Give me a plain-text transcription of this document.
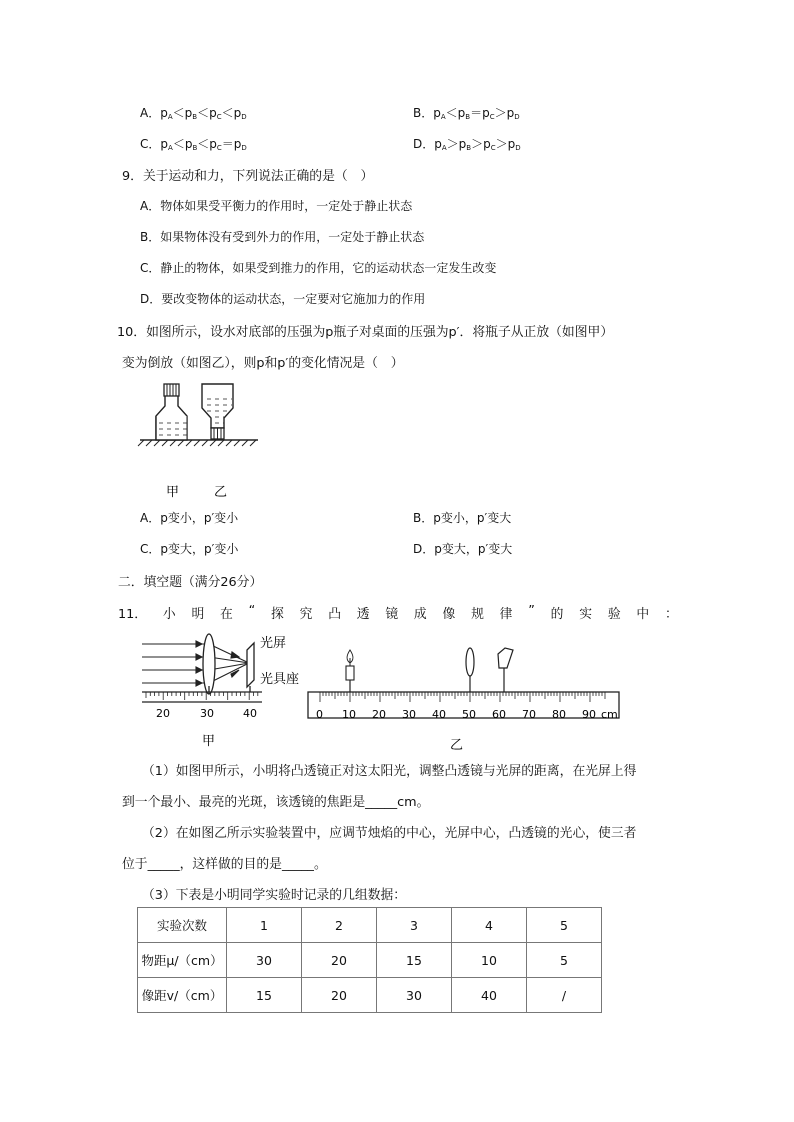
A．$p_A<p_B<p_C<p_D$	B．$p_A<p_B=p_C>p_D$
C．$p_A<p_B<p_C=p_D$	D．$p_A>p_B>p_C>p_D$
9．关于运动和力，下列说法正确的是（　）
A．物体如果受平衡力的作用时，一定处于静止状态
B．如果物体没有受到外力的作用，一定处于静止状态
C．静止的物体，如果受到推力的作用，它的运动状态一定发生改变
D．要改变物体的运动状态，一定要对它施加力的作用
10．如图所示，设水对底部的压强为p瓶子对桌面的压强为p′．将瓶子从正放（如图甲）
变为倒放（如图乙），则p和p′的变化情况是（　）
甲	乙
A．p变小，p′变小	B．p变小，p′变大
C．p变大，p′变小	D．p变大，p′变大
二．填空题（满分26分）
11． 小 明 在 “ 探 究 凸 透 镜 成 像 规 律 ” 的 实 验 中 ：
光屏
光具座
20	30	40
甲
0 10 20 30 40 50 60 70 80 90 cm
乙
（1）如图甲所示，小明将凸透镜正对这太阳光，调整凸透镜与光屏的距离，在光屏上得
到一个最小、最亮的光斑，该透镜的焦距是_____cm。
（2）在如图乙所示实验装置中，应调节烛焰的中心，光屏中心，凸透镜的光心，使三者
位于_____，这样做的目的是_____。
（3）下表是小明同学实验时记录的几组数据：
实验次数	1	2	3	4	5
物距μ/（cm）	30	20	15	10	5
像距v/（cm）	15	20	30	40	/
